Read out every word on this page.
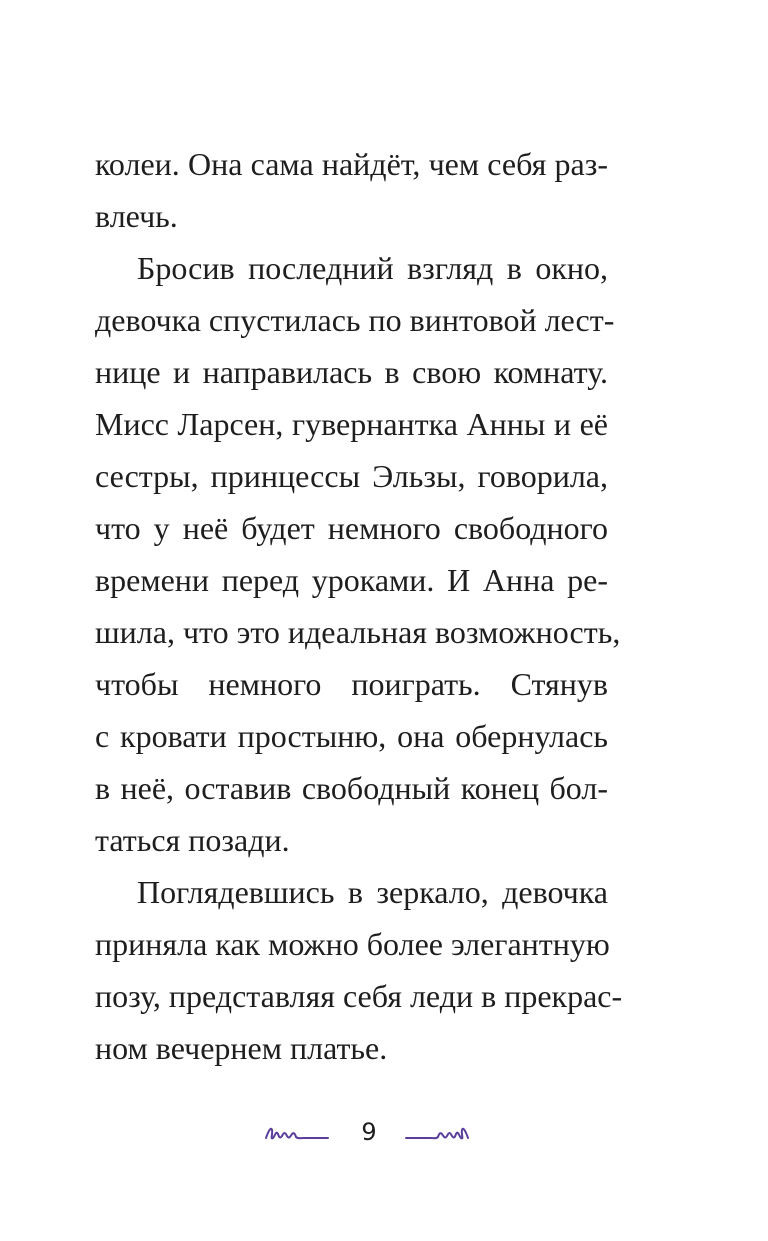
колеи. Она сама найдёт, чем себя раз-
влечь.
Бросив последний взгляд в окно,
девочка спустилась по винтовой лест-
нице и направилась в свою комнату.
Мисс Ларсен, гувернантка Анны и её
сестры, принцессы Эльзы, говорила,
что у неё будет немного свободного
времени перед уроками. И Анна ре-
шила, что это идеальная возможность,
чтобы немного поиграть. Стянув
с кровати простыню, она обернулась
в неё, оставив свободный конец бол-
таться позади.
Поглядевшись в зеркало, девочка
приняла как можно более элегантную
позу, представляя себя леди в прекрас-
ном вечернем платье.
9
